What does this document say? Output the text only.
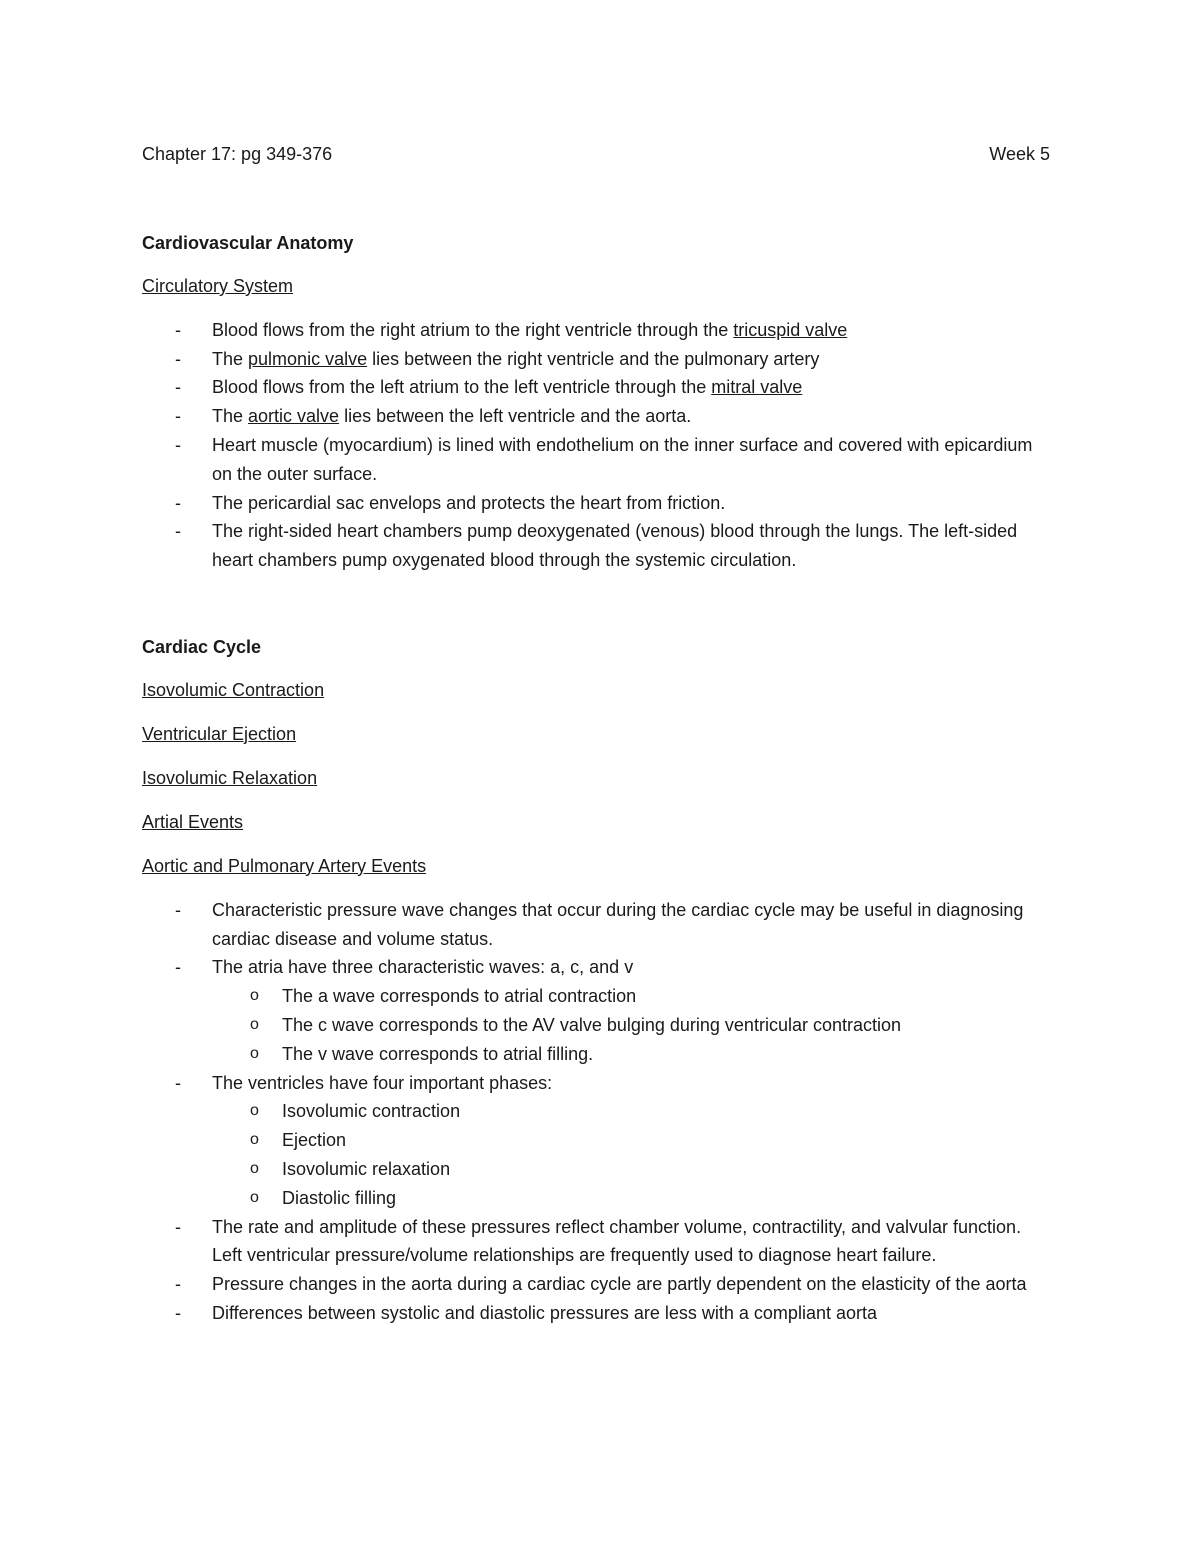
Chapter 17: pg 349-376	Week 5
Cardiovascular Anatomy
Circulatory System
- Blood flows from the right atrium to the right ventricle through the tricuspid valve
- The pulmonic valve lies between the right ventricle and the pulmonary artery
- Blood flows from the left atrium to the left ventricle through the mitral valve
- The aortic valve lies between the left ventricle and the aorta.
- Heart muscle (myocardium) is lined with endothelium on the inner surface and covered with epicardium on the outer surface.
- The pericardial sac envelops and protects the heart from friction.
- The right-sided heart chambers pump deoxygenated (venous) blood through the lungs. The left-sided heart chambers pump oxygenated blood through the systemic circulation.
Cardiac Cycle
Isovolumic Contraction
Ventricular Ejection
Isovolumic Relaxation
Artial Events
Aortic and Pulmonary Artery Events
- Characteristic pressure wave changes that occur during the cardiac cycle may be useful in diagnosing cardiac disease and volume status.
- The atria have three characteristic waves: a, c, and v
o The a wave corresponds to atrial contraction
o The c wave corresponds to the AV valve bulging during ventricular contraction
o The v wave corresponds to atrial filling.
- The ventricles have four important phases:
o Isovolumic contraction
o Ejection
o Isovolumic relaxation
o Diastolic filling
- The rate and amplitude of these pressures reflect chamber volume, contractility, and valvular function. Left ventricular pressure/volume relationships are frequently used to diagnose heart failure.
- Pressure changes in the aorta during a cardiac cycle are partly dependent on the elasticity of the aorta
- Differences between systolic and diastolic pressures are less with a compliant aorta
